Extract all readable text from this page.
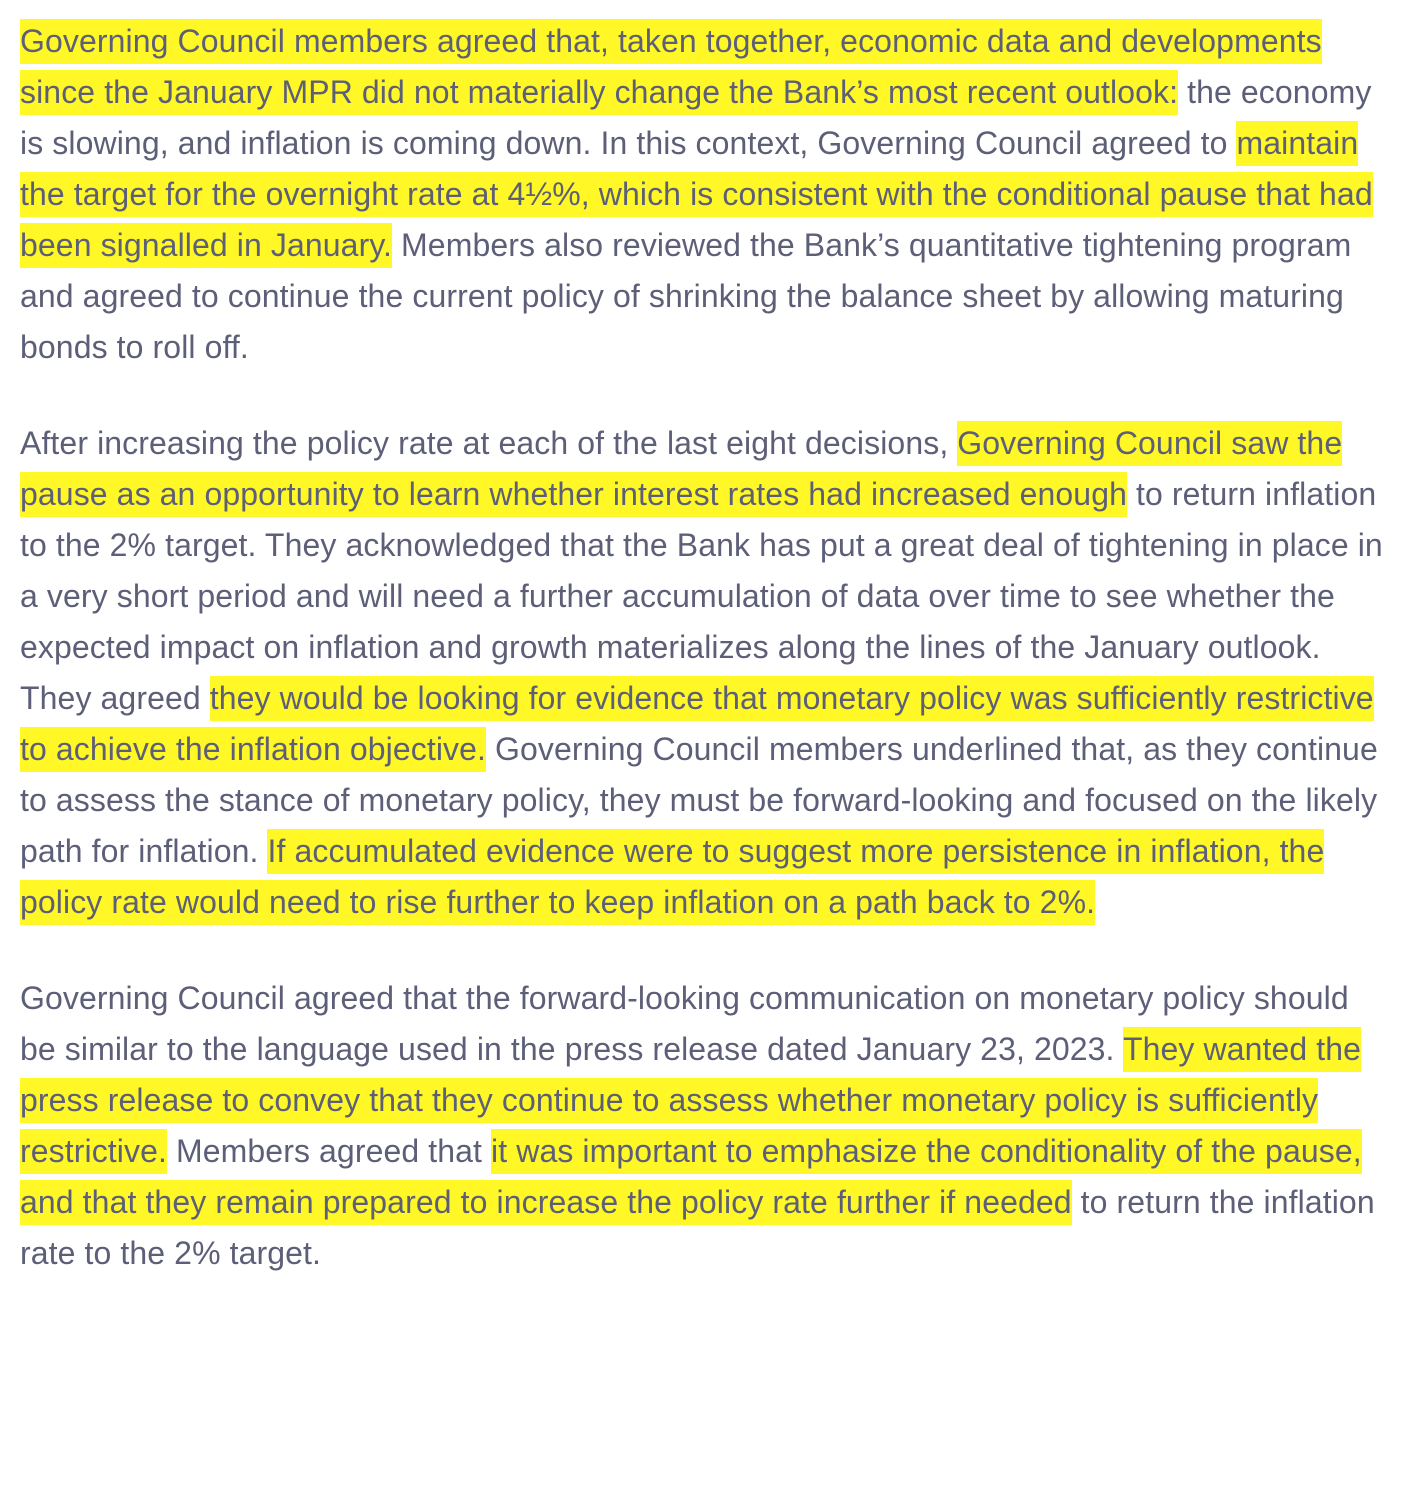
Governing Council members agreed that, taken together, economic data and developments since the January MPR did not materially change the Bank’s most recent outlook: the economy is slowing, and inflation is coming down. In this context, Governing Council agreed to maintain the target for the overnight rate at 4½%, which is consistent with the conditional pause that had been signalled in January. Members also reviewed the Bank’s quantitative tightening program and agreed to continue the current policy of shrinking the balance sheet by allowing maturing bonds to roll off.

After increasing the policy rate at each of the last eight decisions, Governing Council saw the pause as an opportunity to learn whether interest rates had increased enough to return inflation to the 2% target. They acknowledged that the Bank has put a great deal of tightening in place in a very short period and will need a further accumulation of data over time to see whether the expected impact on inflation and growth materializes along the lines of the January outlook. They agreed they would be looking for evidence that monetary policy was sufficiently restrictive to achieve the inflation objective. Governing Council members underlined that, as they continue to assess the stance of monetary policy, they must be forward-looking and focused on the likely path for inflation. If accumulated evidence were to suggest more persistence in inflation, the policy rate would need to rise further to keep inflation on a path back to 2%.

Governing Council agreed that the forward-looking communication on monetary policy should be similar to the language used in the press release dated January 23, 2023. They wanted the press release to convey that they continue to assess whether monetary policy is sufficiently restrictive. Members agreed that it was important to emphasize the conditionality of the pause, and that they remain prepared to increase the policy rate further if needed to return the inflation rate to the 2% target.
